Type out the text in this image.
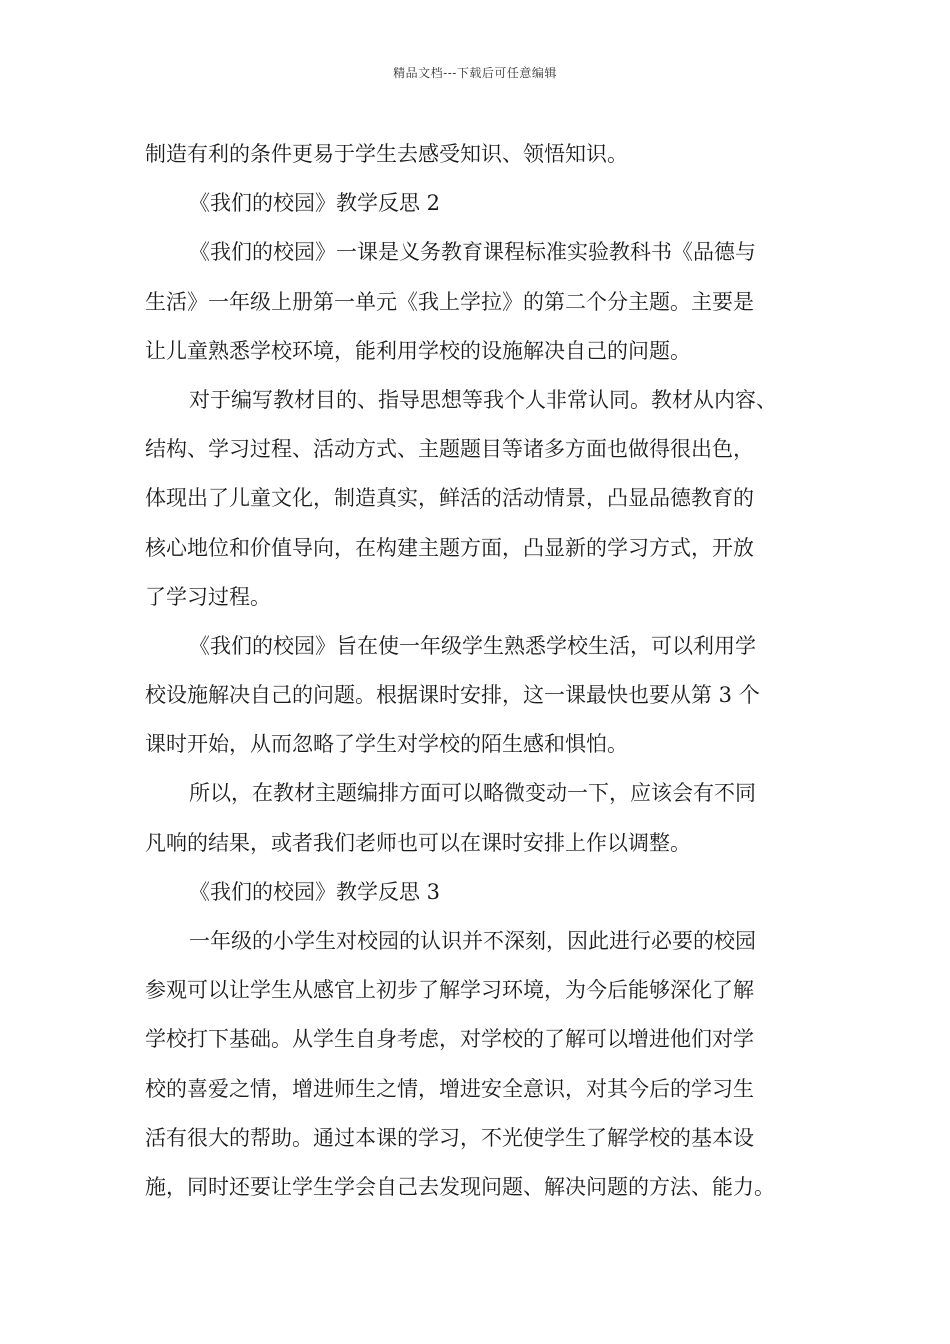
精品文档---下载后可任意编辑
制造有利的条件更易于学生去感受知识、领悟知识。
《我们的校园》教学反思 2
《我们的校园》一课是义务教育课程标准实验教科书《品德与
生活》一年级上册第一单元《我上学拉》的第二个分主题。主要是
让儿童熟悉学校环境，能利用学校的设施解决自己的问题。
对于编写教材目的、指导思想等我个人非常认同。教材从内容、
结构、学习过程、活动方式、主题题目等诸多方面也做得很出色，
体现出了儿童文化，制造真实，鲜活的活动情景，凸显品德教育的
核心地位和价值导向，在构建主题方面，凸显新的学习方式，开放
了学习过程。
《我们的校园》旨在使一年级学生熟悉学校生活，可以利用学
校设施解决自己的问题。根据课时安排，这一课最快也要从第 3 个
课时开始，从而忽略了学生对学校的陌生感和惧怕。
所以，在教材主题编排方面可以略微变动一下，应该会有不同
凡响的结果，或者我们老师也可以在课时安排上作以调整。
《我们的校园》教学反思 3
一年级的小学生对校园的认识并不深刻，因此进行必要的校园
参观可以让学生从感官上初步了解学习环境，为今后能够深化了解
学校打下基础。从学生自身考虑，对学校的了解可以增进他们对学
校的喜爱之情，增进师生之情，增进安全意识，对其今后的学习生
活有很大的帮助。通过本课的学习，不光使学生了解学校的基本设
施，同时还要让学生学会自己去发现问题、解决问题的方法、能力。
